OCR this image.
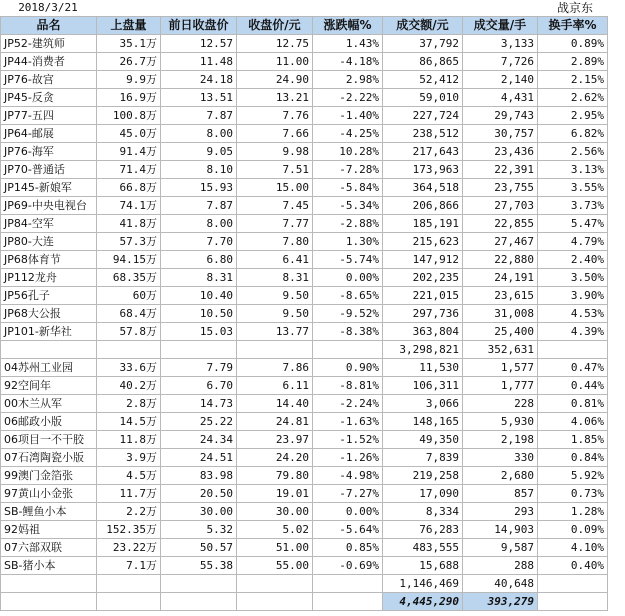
2018/3/21	战京东
品名	上盘量	前日收盘价	收盘价/元	涨跌幅%	成交额/元	成交量/手	换手率%
JP52-建筑师	35.1万	12.57	12.75	1.43%	37,792	3,133	0.89%
JP44-消费者	26.7万	11.48	11.00	-4.18%	86,865	7,726	2.89%
JP76-故宫	9.9万	24.18	24.90	2.98%	52,412	2,140	2.15%
JP45-反贪	16.9万	13.51	13.21	-2.22%	59,010	4,431	2.62%
JP77-五四	100.8万	7.87	7.76	-1.40%	227,724	29,743	2.95%
JP64-邮展	45.0万	8.00	7.66	-4.25%	238,512	30,757	6.82%
JP76-海军	91.4万	9.05	9.98	10.28%	217,643	23,436	2.56%
JP70-普通话	71.4万	8.10	7.51	-7.28%	173,963	22,391	3.13%
JP145-新娘军	66.8万	15.93	15.00	-5.84%	364,518	23,755	3.55%
JP69-中央电视台	74.1万	7.87	7.45	-5.34%	206,866	27,703	3.73%
JP84-空军	41.8万	8.00	7.77	-2.88%	185,191	22,855	5.47%
JP80-大连	57.3万	7.70	7.80	1.30%	215,623	27,467	4.79%
JP68体育节	94.15万	6.80	6.41	-5.74%	147,912	22,880	2.40%
JP112龙舟	68.35万	8.31	8.31	0.00%	202,235	24,191	3.50%
JP56孔子	60万	10.40	9.50	-8.65%	221,015	23,615	3.90%
JP68大公报	68.4万	10.50	9.50	-9.52%	297,736	31,008	4.53%
JP101-新华社	57.8万	15.03	13.77	-8.38%	363,804	25,400	4.39%
					3,298,821	352,631	
04苏州工业园	33.6万	7.79	7.86	0.90%	11,530	1,577	0.47%
92空间年	40.2万	6.70	6.11	-8.81%	106,311	1,777	0.44%
00木兰从军	2.8万	14.73	14.40	-2.24%	3,066	228	0.81%
06邮政小版	14.5万	25.22	24.81	-1.63%	148,165	5,930	4.06%
06项目一不干胶	11.8万	24.34	23.97	-1.52%	49,350	2,198	1.85%
07石湾陶瓷小版	3.9万	24.51	24.20	-1.26%	7,839	330	0.84%
99澳门金箔张	4.5万	83.98	79.80	-4.98%	219,258	2,680	5.92%
97黄山小金张	11.7万	20.50	19.01	-7.27%	17,090	857	0.73%
SB-鲤鱼小本	2.2万	30.00	30.00	0.00%	8,334	293	1.28%
92妈祖	152.35万	5.32	5.02	-5.64%	76,283	14,903	0.09%
07六部双联	23.22万	50.57	51.00	0.85%	483,555	9,587	4.10%
SB-猪小本	7.1万	55.38	55.00	-0.69%	15,688	288	0.40%
					1,146,469	40,648	
					4,445,290	393,279	
